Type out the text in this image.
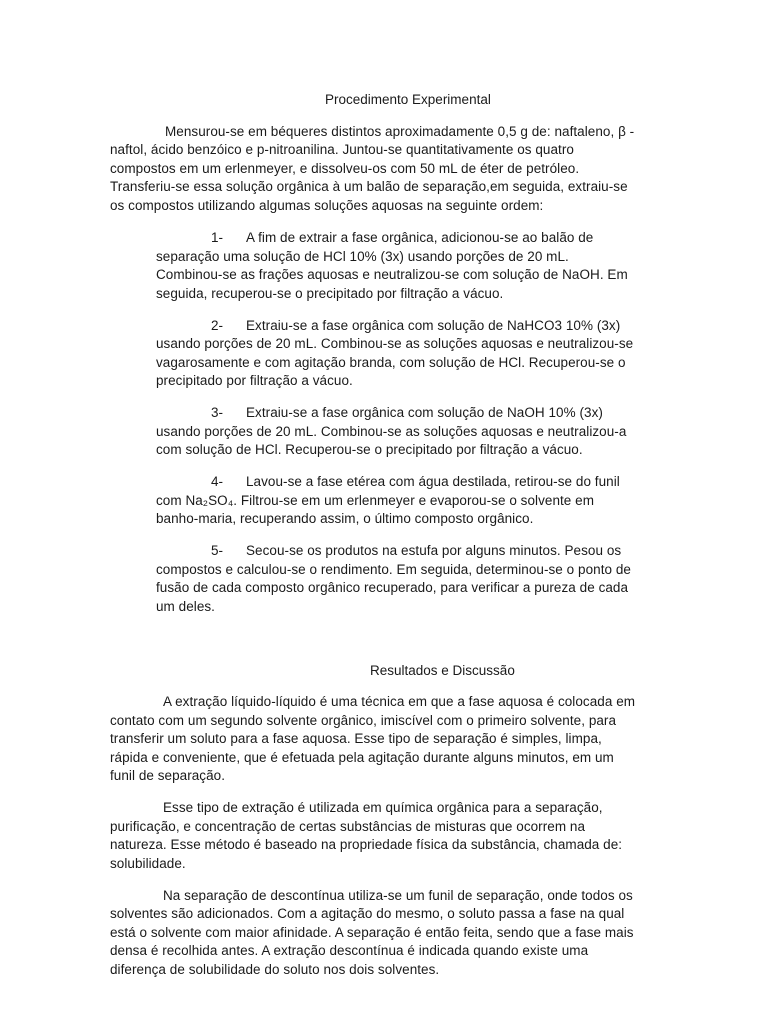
Procedimento Experimental
Mensurou-se em béqueres distintos aproximadamente 0,5 g de: naftaleno, β -
naftol, ácido benzóico e p-nitroanilina. Juntou-se quantitativamente os quatro
compostos em um erlenmeyer, e dissolveu-os com 50 mL de éter de petróleo.
Transferiu-se essa solução orgânica à um balão de separação,em seguida, extraiu-se
os compostos utilizando algumas soluções aquosas na seguinte ordem:
1- A fim de extrair a fase orgânica, adicionou-se ao balão de
separação uma solução de HCl 10% (3x) usando porções de 20 mL.
Combinou-se as frações aquosas e neutralizou-se com solução de NaOH. Em
seguida, recuperou-se o precipitado por filtração a vácuo.
2- Extraiu-se a fase orgânica com solução de NaHCO3 10% (3x)
usando porções de 20 mL. Combinou-se as soluções aquosas e neutralizou-se
vagarosamente e com agitação branda, com solução de HCl. Recuperou-se o
precipitado por filtração a vácuo.
3- Extraiu-se a fase orgânica com solução de NaOH 10% (3x)
usando porções de 20 mL. Combinou-se as soluções aquosas e neutralizou-a
com solução de HCl. Recuperou-se o precipitado por filtração a vácuo.
4- Lavou-se a fase etérea com água destilada, retirou-se do funil
com Na₂SO₄. Filtrou-se em um erlenmeyer e evaporou-se o solvente em
banho-maria, recuperando assim, o último composto orgânico.
5- Secou-se os produtos na estufa por alguns minutos. Pesou os
compostos e calculou-se o rendimento. Em seguida, determinou-se o ponto de
fusão de cada composto orgânico recuperado, para verificar a pureza de cada
um deles.
Resultados e Discussão
A extração líquido-líquido é uma técnica em que a fase aquosa é colocada em
contato com um segundo solvente orgânico, imiscível com o primeiro solvente, para
transferir um soluto para a fase aquosa. Esse tipo de separação é simples, limpa,
rápida e conveniente, que é efetuada pela agitação durante alguns minutos, em um
funil de separação.
Esse tipo de extração é utilizada em química orgânica para a separação,
purificação, e concentração de certas substâncias de misturas que ocorrem na
natureza. Esse método é baseado na propriedade física da substância, chamada de:
solubilidade.
Na separação de descontínua utiliza-se um funil de separação, onde todos os
solventes são adicionados. Com a agitação do mesmo, o soluto passa a fase na qual
está o solvente com maior afinidade. A separação é então feita, sendo que a fase mais
densa é recolhida antes. A extração descontínua é indicada quando existe uma
diferença de solubilidade do soluto nos dois solventes.
